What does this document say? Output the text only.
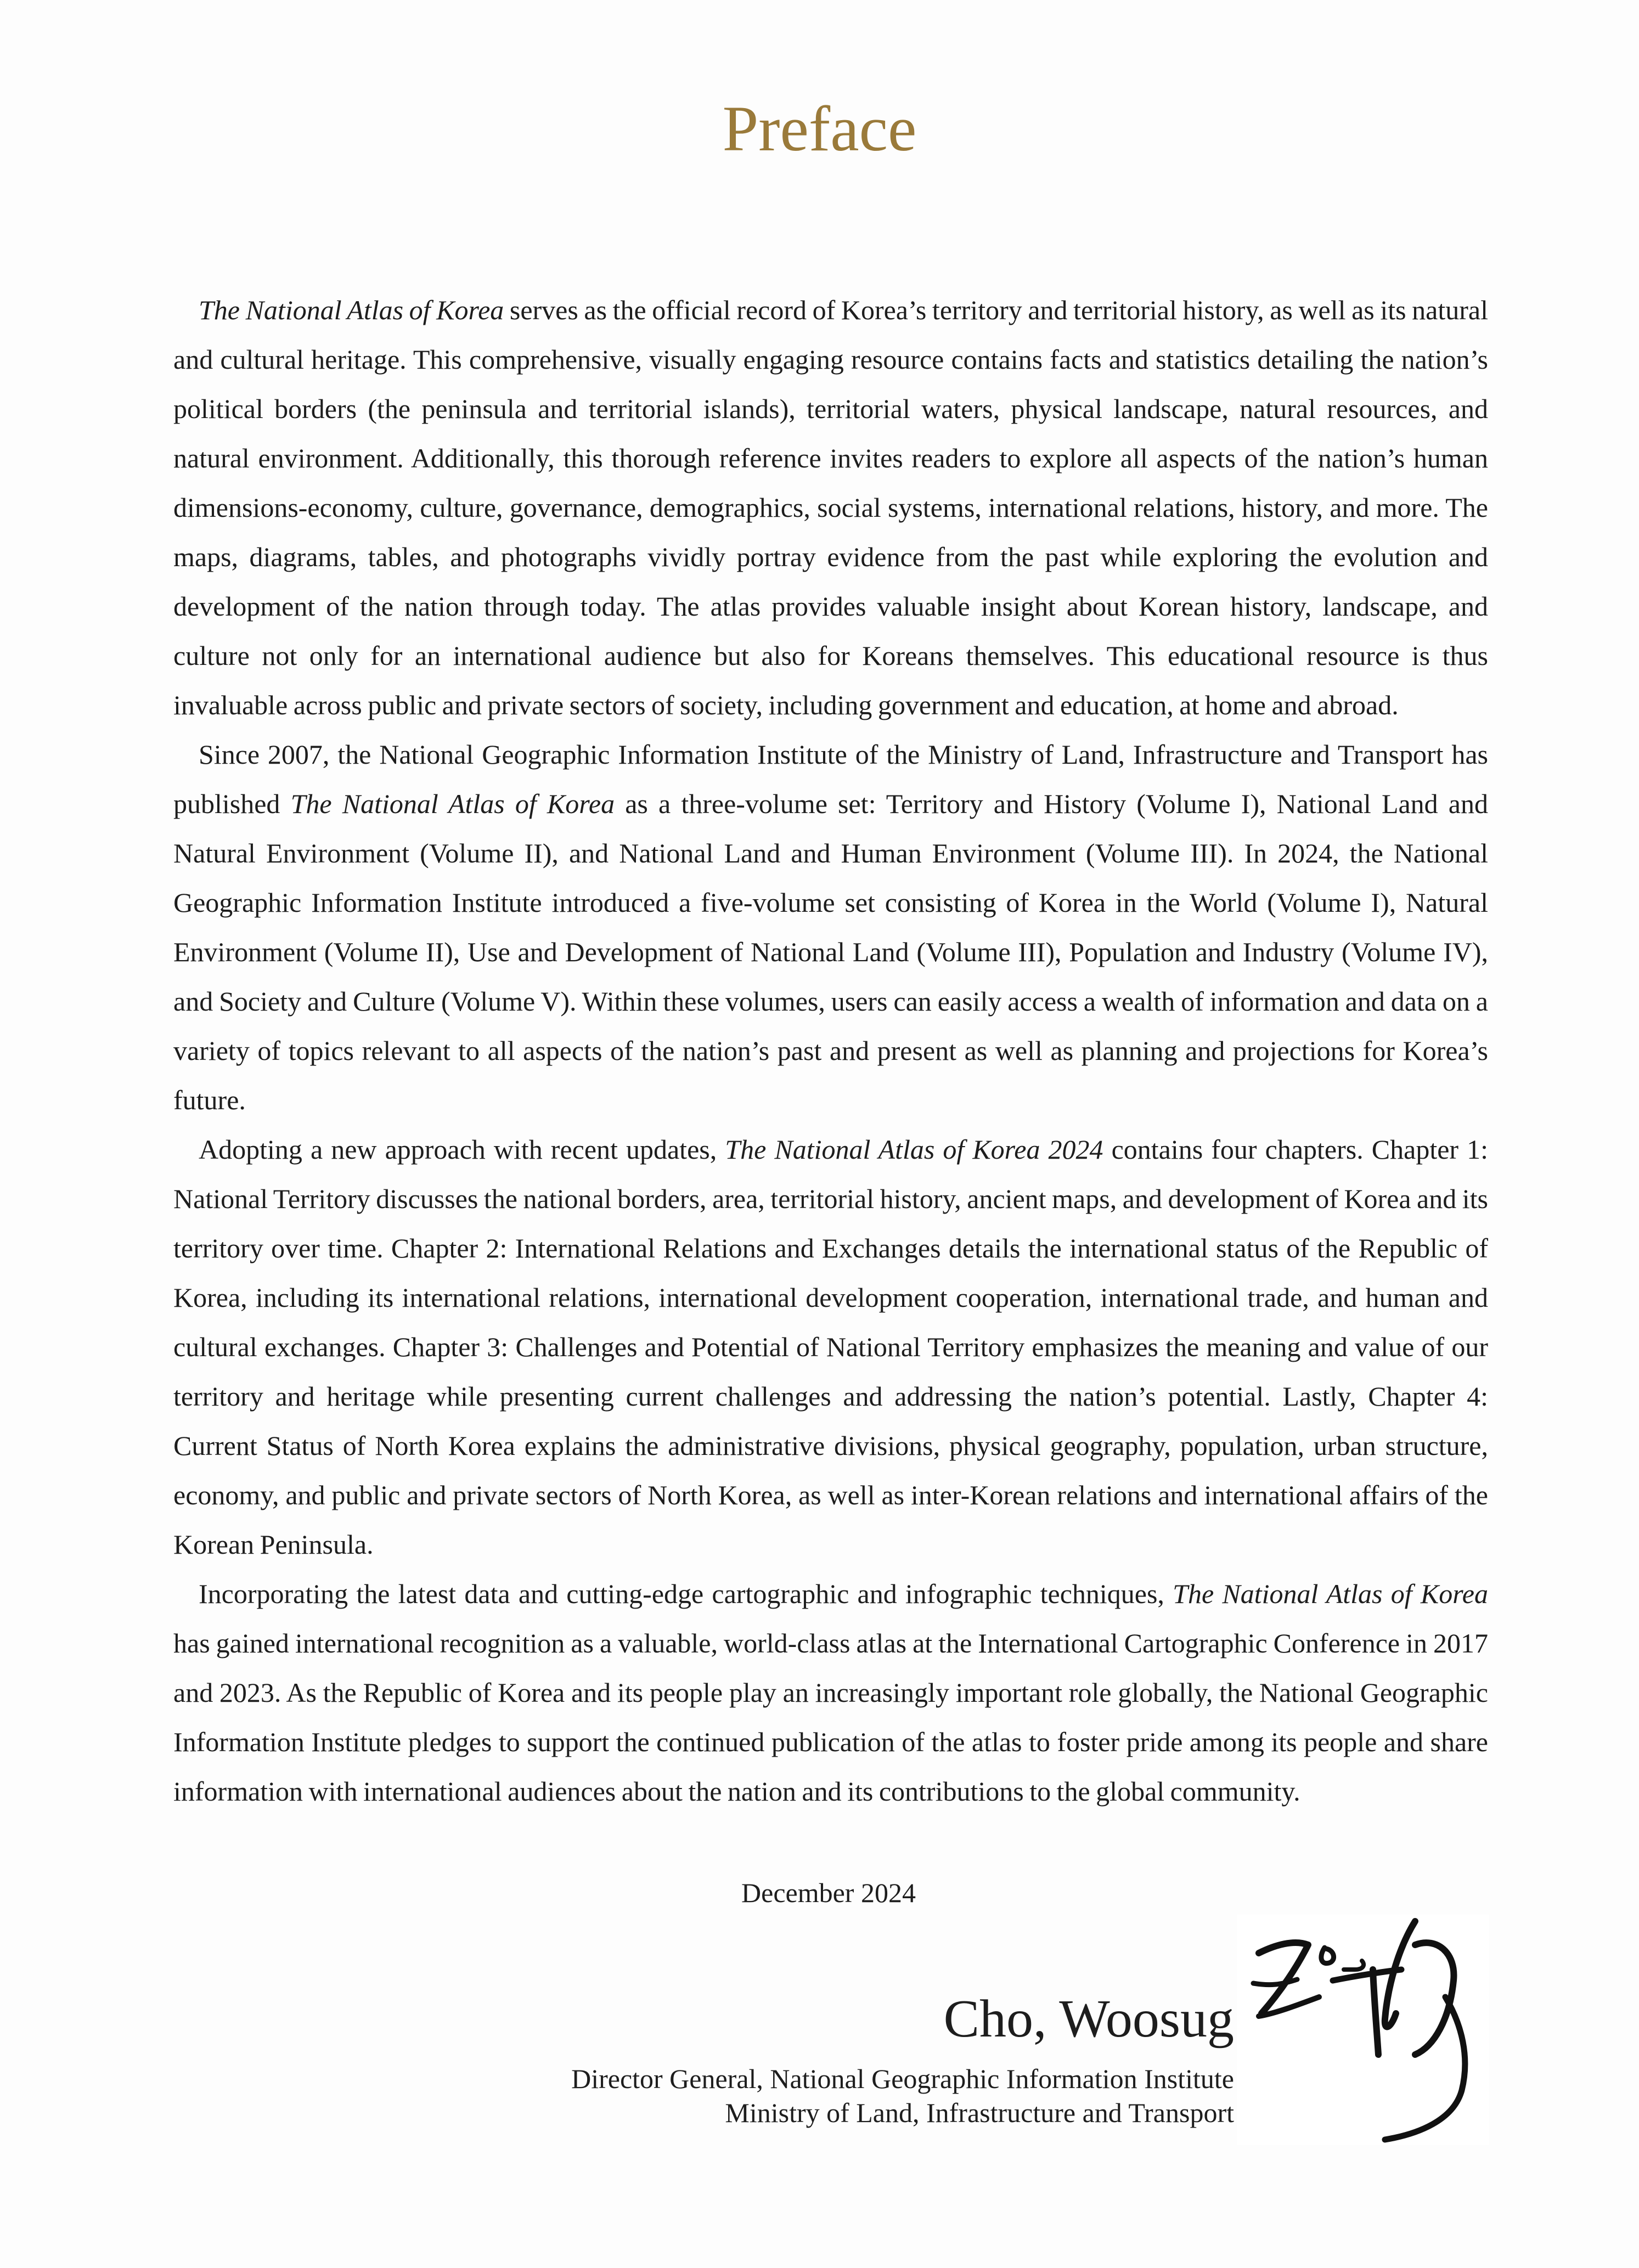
Preface

The National Atlas of Korea serves as the official record of Korea’s territory and territorial history, as well as its natural and cultural heritage. This comprehensive, visually engaging resource contains facts and statistics detailing the nation’s political borders (the peninsula and territorial islands), territorial waters, physical landscape, natural resources, and natural environment. Additionally, this thorough reference invites readers to explore all aspects of the nation’s human dimensions-economy, culture, governance, demographics, social systems, international relations, history, and more. The maps, diagrams, tables, and photographs vividly portray evidence from the past while exploring the evolution and development of the nation through today. The atlas provides valuable insight about Korean history, landscape, and culture not only for an international audience but also for Koreans themselves. This educational resource is thus invaluable across public and private sectors of society, including government and education, at home and abroad.

Since 2007, the National Geographic Information Institute of the Ministry of Land, Infrastructure and Transport has published The National Atlas of Korea as a three-volume set: Territory and History (Volume I), National Land and Natural Environment (Volume II), and National Land and Human Environment (Volume III). In 2024, the National Geographic Information Institute introduced a five-volume set consisting of Korea in the World (Volume I), Natural Environment (Volume II), Use and Development of National Land (Volume III), Population and Industry (Volume IV), and Society and Culture (Volume V). Within these volumes, users can easily access a wealth of information and data on a variety of topics relevant to all aspects of the nation’s past and present as well as planning and projections for Korea’s future.

Adopting a new approach with recent updates, The National Atlas of Korea 2024 contains four chapters. Chapter 1: National Territory discusses the national borders, area, territorial history, ancient maps, and development of Korea and its territory over time. Chapter 2: International Relations and Exchanges details the international status of the Republic of Korea, including its international relations, international development cooperation, international trade, and human and cultural exchanges. Chapter 3: Challenges and Potential of National Territory emphasizes the meaning and value of our territory and heritage while presenting current challenges and addressing the nation’s potential. Lastly, Chapter 4: Current Status of North Korea explains the administrative divisions, physical geography, population, urban structure, economy, and public and private sectors of North Korea, as well as inter-Korean relations and international affairs of the Korean Peninsula.

Incorporating the latest data and cutting-edge cartographic and infographic techniques, The National Atlas of Korea has gained international recognition as a valuable, world-class atlas at the International Cartographic Conference in 2017 and 2023. As the Republic of Korea and its people play an increasingly important role globally, the National Geographic Information Institute pledges to support the continued publication of the atlas to foster pride among its people and share information with international audiences about the nation and its contributions to the global community.

December 2024
Cho, Woosug
Director General, National Geographic Information Institute
Ministry of Land, Infrastructure and Transport
